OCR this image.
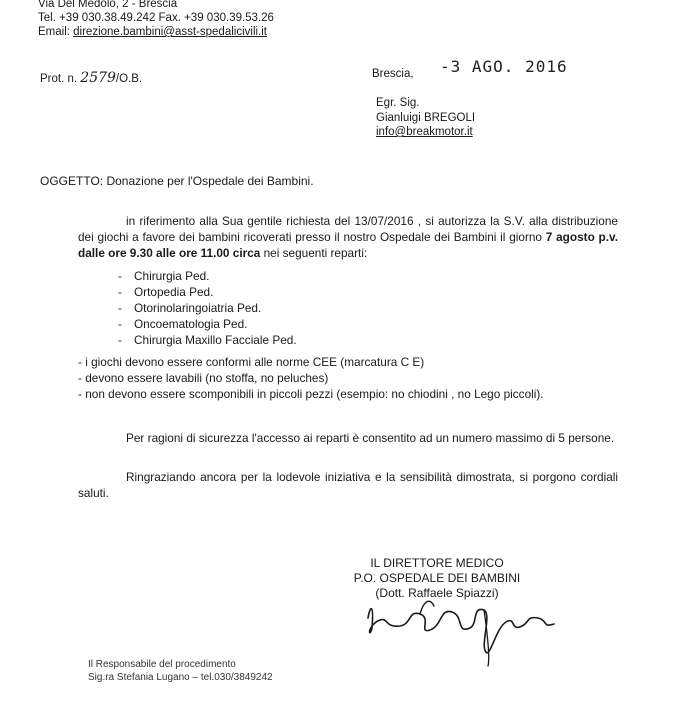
Via Del Medolo, 2 - Brescia
Tel. +39 030.38.49.242 Fax. +39 030.39.53.26
Email: direzione.bambini@asst-spedalicivili.it
Prot. n. 2579/O.B.	Brescia, -3 AGO. 2016
Egr. Sig.
Gianluigi BREGOLI
info@breakmotor.it
OGGETTO: Donazione per l'Ospedale dei Bambini.
in riferimento alla Sua gentile richiesta del 13/07/2016 , si autorizza la S.V. alla distribuzione dei giochi a favore dei bambini ricoverati presso il nostro Ospedale dei Bambini il giorno 7 agosto p.v. dalle ore 9.30 alle ore 11.00 circa nei seguenti reparti:
- Chirurgia Ped.
- Ortopedia Ped.
- Otorinolaringoiatria Ped.
- Oncoematologia Ped.
- Chirurgia Maxillo Facciale Ped.
- i giochi devono essere conformi alle norme CEE (marcatura C E)
- devono essere lavabili (no stoffa, no peluches)
- non devono essere scomponibili in piccoli pezzi (esempio: no chiodini , no Lego piccoli).
Per ragioni di sicurezza l'accesso ai reparti è consentito ad un numero massimo di 5 persone.
Ringraziando ancora per la lodevole iniziativa e la sensibilità dimostrata, si porgono cordiali saluti.
IL DIRETTORE MEDICO
P.O. OSPEDALE DEI BAMBINI
(Dott. Raffaele Spiazzi)
Il Responsabile del procedimento
Sig.ra Stefania Lugano – tel.030/3849242
